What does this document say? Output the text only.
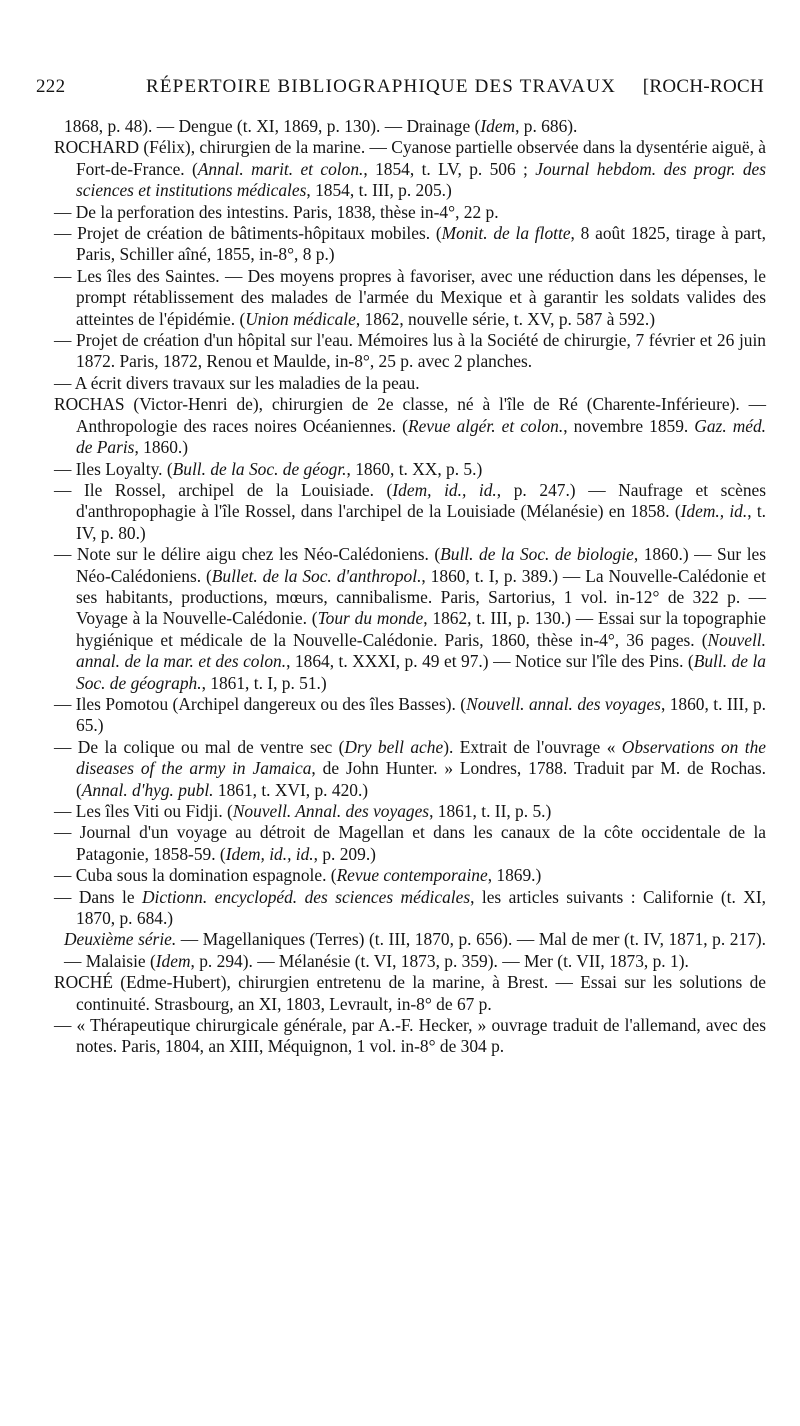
222	RÉPERTOIRE BIBLIOGRAPHIQUE DES TRAVAUX [ROCH-ROCH

1868, p. 48). — Dengue (t. XI, 1869, p. 130). — Drainage (Idem, p. 686).

ROCHARD (Félix), chirurgien de la marine. — Cyanose partielle observée dans la dysentérie aiguë, à Fort-de-France. (Annal. marit. et colon., 1854, t. LV, p. 506 ; Journal hebdom. des progr. des sciences et institutions médicales, 1854, t. III, p. 205.)

— De la perforation des intestins. Paris, 1838, thèse in-4°, 22 p.

— Projet de création de bâtiments-hôpitaux mobiles. (Monit. de la flotte, 8 août 1825, tirage à part, Paris, Schiller aîné, 1855, in-8°, 8 p.)

— Les îles des Saintes. — Des moyens propres à favoriser, avec une réduction dans les dépenses, le prompt rétablissement des malades de l'armée du Mexique et à garantir les soldats valides des atteintes de l'épidémie. (Union médicale, 1862, nouvelle série, t. XV, p. 587 à 592.)

— Projet de création d'un hôpital sur l'eau. Mémoires lus à la Société de chirurgie, 7 février et 26 juin 1872. Paris, 1872, Renou et Maulde, in-8°, 25 p. avec 2 planches.

— A écrit divers travaux sur les maladies de la peau.

ROCHAS (Victor-Henri de), chirurgien de 2e classe, né à l'île de Ré (Charente-Inférieure). — Anthropologie des races noires Océaniennes. (Revue algér. et colon., novembre 1859. Gaz. méd. de Paris, 1860.)

— Iles Loyalty. (Bull. de la Soc. de géogr., 1860, t. XX, p. 5.)

— Ile Rossel, archipel de la Louisiade. (Idem, id., id., p. 247.) — Naufrage et scènes d'anthropophagie à l'île Rossel, dans l'archipel de la Louisiade (Mélanésie) en 1858. (Idem., id., t. IV, p. 80.)

— Note sur le délire aigu chez les Néo-Calédoniens. (Bull. de la Soc. de biologie, 1860.) — Sur les Néo-Calédoniens. (Bullet. de la Soc. d'anthropol., 1860, t. I, p. 389.) — La Nouvelle-Calédonie et ses habitants, productions, mœurs, cannibalisme. Paris, Sartorius, 1 vol. in-12° de 322 p. — Voyage à la Nouvelle-Calédonie. (Tour du monde, 1862, t. III, p. 130.) — Essai sur la topographie hygiénique et médicale de la Nouvelle-Calédonie. Paris, 1860, thèse in-4°, 36 pages. (Nouvell. annal. de la mar. et des colon., 1864, t. XXXI, p. 49 et 97.) — Notice sur l'île des Pins. (Bull. de la Soc. de géograph., 1861, t. I, p. 51.)

— Iles Pomotou (Archipel dangereux ou des îles Basses). (Nouvell. annal. des voyages, 1860, t. III, p. 65.)

— De la colique ou mal de ventre sec (Dry bell ache). Extrait de l'ouvrage « Observations on the diseases of the army in Jamaica, de John Hunter. » Londres, 1788. Traduit par M. de Rochas. (Annal. d'hyg. publ. 1861, t. XVI, p. 420.)

— Les îles Viti ou Fidji. (Nouvell. Annal. des voyages, 1861, t. II, p. 5.)

— Journal d'un voyage au détroit de Magellan et dans les canaux de la côte occidentale de la Patagonie, 1858-59. (Idem, id., id., p. 209.)

— Cuba sous la domination espagnole. (Revue contemporaine, 1869.)

— Dans le Dictionn. encyclopéd. des sciences médicales, les articles suivants : Californie (t. XI, 1870, p. 684.)

Deuxième série. — Magellaniques (Terres) (t. III, 1870, p. 656). — Mal de mer (t. IV, 1871, p. 217). — Malaisie (Idem, p. 294). — Mélanésie (t. VI, 1873, p. 359). — Mer (t. VII, 1873, p. 1).

ROCHÉ (Edme-Hubert), chirurgien entretenu de la marine, à Brest. — Essai sur les solutions de continuité. Strasbourg, an XI, 1803, Levrault, in-8° de 67 p.

— « Thérapeutique chirurgicale générale, par A.-F. Hecker, » ouvrage traduit de l'allemand, avec des notes. Paris, 1804, an XIII, Méquignon, 1 vol. in-8° de 304 p.
